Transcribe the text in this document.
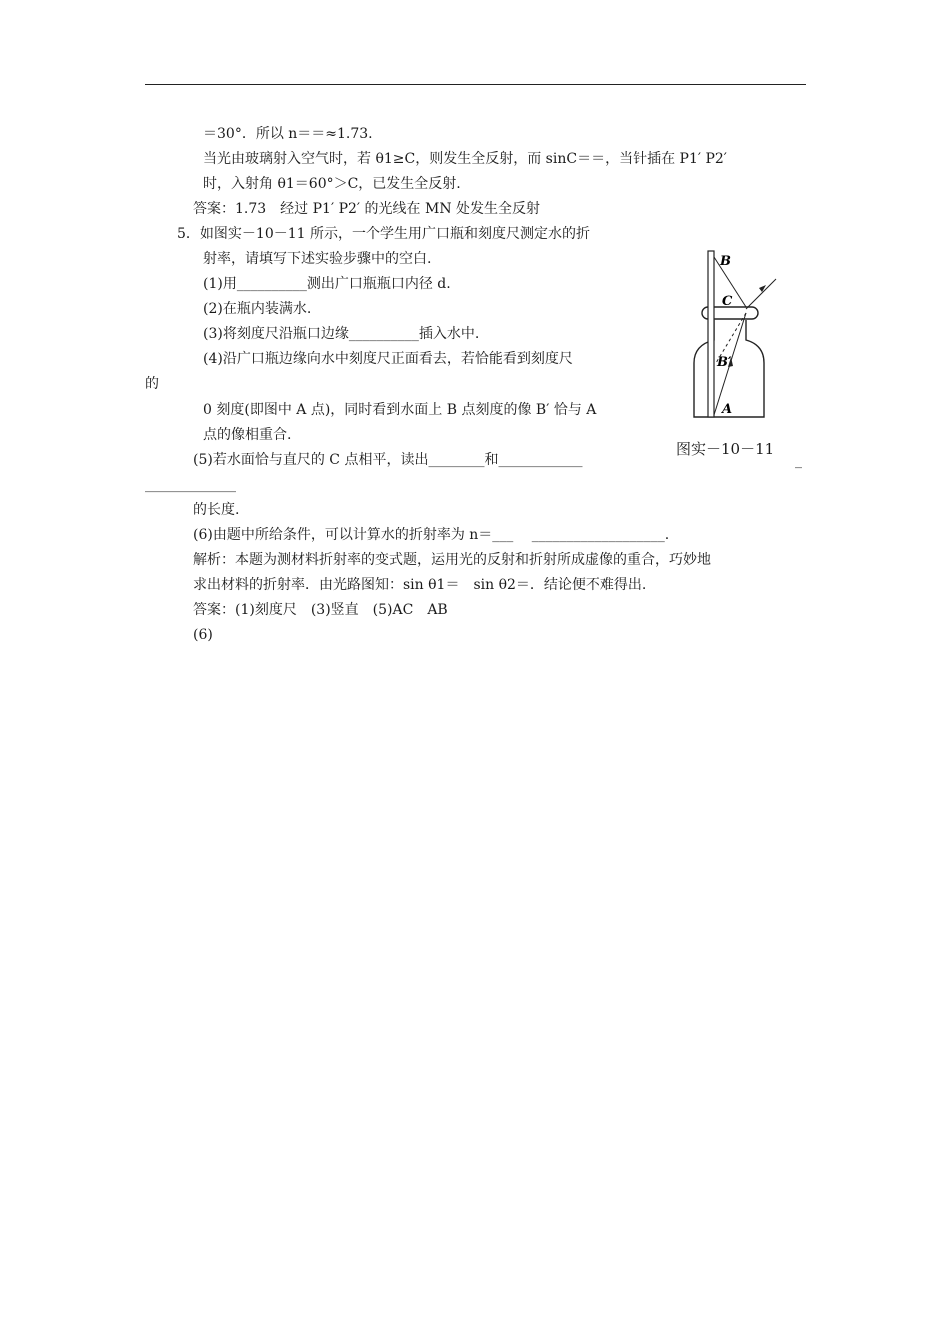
＝30°．所以 n＝＝≈1.73.
当光由玻璃射入空气时，若 θ1≥C，则发生全反射，而 sinC＝＝，当针插在 P1′ P2′
时，入射角 θ1＝60°＞C，已发生全反射.
答案：1.73　经过 P1′ P2′ 的光线在 MN 处发生全反射
5．如图实－10－11 所示，一个学生用广口瓶和刻度尺测定水的折
射率，请填写下述实验步骤中的空白.
(1)用__________测出广口瓶瓶口内径 d.
(2)在瓶内装满水.
(3)将刻度尺沿瓶口边缘__________插入水中.
(4)沿广口瓶边缘向水中刻度尺正面看去，若恰能看到刻度尺
的
0 刻度(即图中 A 点)，同时看到水面上 B 点刻度的像 B′ 恰与 A
点的像相重合.
(5)若水面恰与直尺的 C 点相平，读出________和____________	_
_____________
的长度.
(6)由题中所给条件，可以计算水的折射率为 n＝___　 ___________________.
解析：本题为测材料折射率的变式题，运用光的反射和折射所成虚像的重合，巧妙地
求出材料的折射率．由光路图知：sin θ1＝　sin θ2＝．结论便不难得出.
答案：(1)刻度尺　(3)竖直　(5)AC　AB
(6)
B
C
B′
A
图实－10－11
